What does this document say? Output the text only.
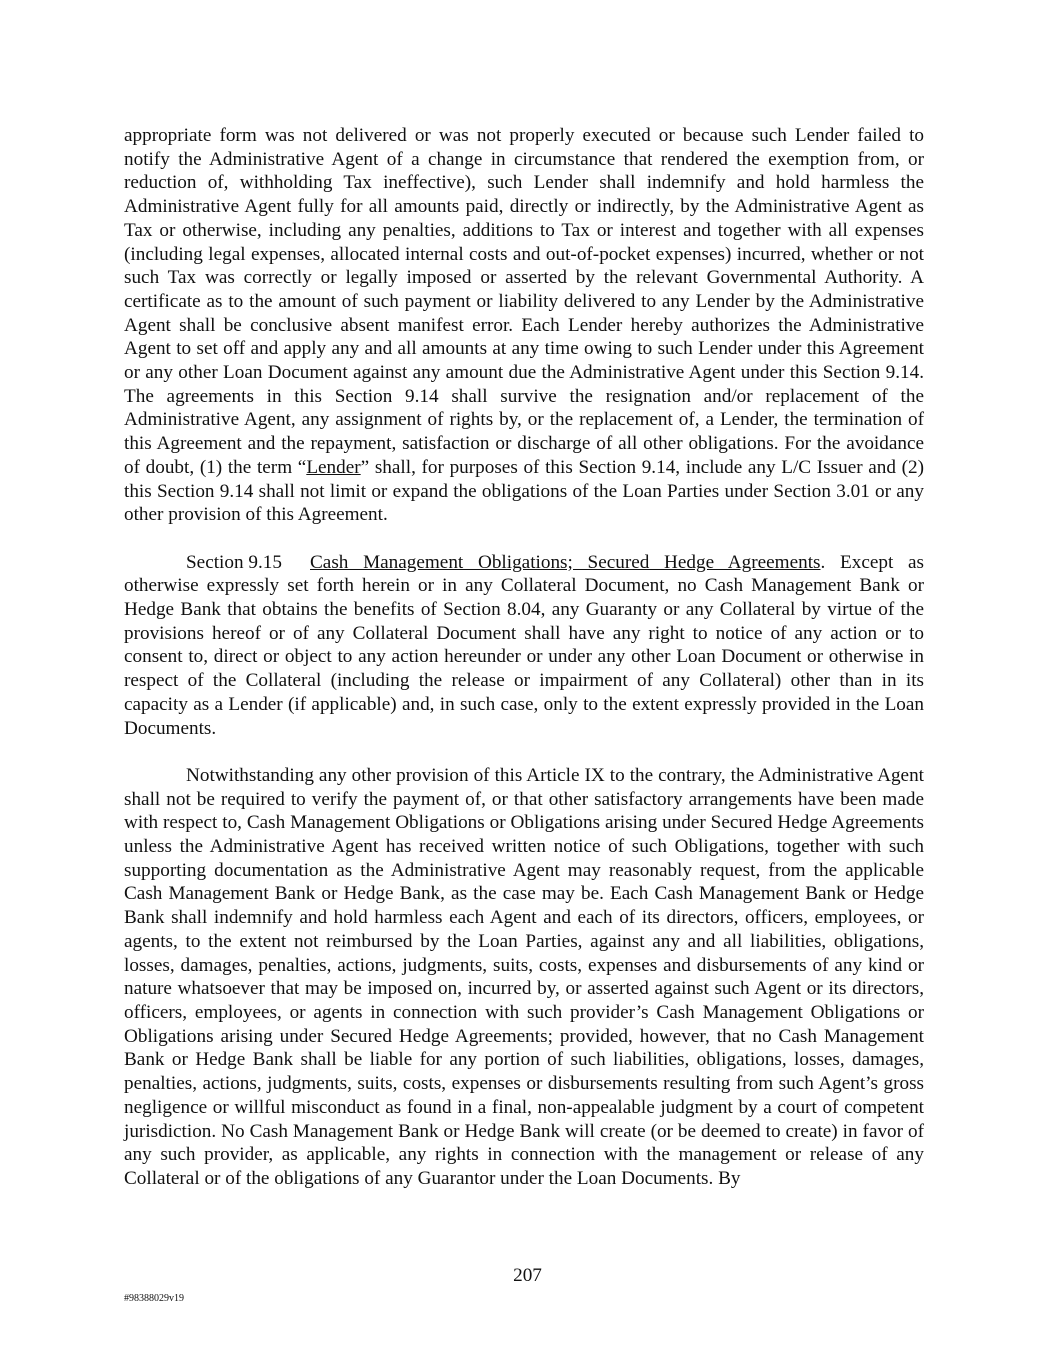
appropriate form was not delivered or was not properly executed or because such Lender failed to notify the Administrative Agent of a change in circumstance that rendered the exemption from, or reduction of, withholding Tax ineffective), such Lender shall indemnify and hold harmless the Administrative Agent fully for all amounts paid, directly or indirectly, by the Administrative Agent as Tax or otherwise, including any penalties, additions to Tax or interest and together with all expenses (including legal expenses, allocated internal costs and out-of-pocket expenses) incurred, whether or not such Tax was correctly or legally imposed or asserted by the relevant Governmental Authority. A certificate as to the amount of such payment or liability delivered to any Lender by the Administrative Agent shall be conclusive absent manifest error. Each Lender hereby authorizes the Administrative Agent to set off and apply any and all amounts at any time owing to such Lender under this Agreement or any other Loan Document against any amount due the Administrative Agent under this Section 9.14. The agreements in this Section 9.14 shall survive the resignation and/or replacement of the Administrative Agent, any assignment of rights by, or the replacement of, a Lender, the termination of this Agreement and the repayment, satisfaction or discharge of all other obligations. For the avoidance of doubt, (1) the term “Lender” shall, for purposes of this Section 9.14, include any L/C Issuer and (2) this Section 9.14 shall not limit or expand the obligations of the Loan Parties under Section 3.01 or any other provision of this Agreement.

Section 9.15 Cash Management Obligations; Secured Hedge Agreements. Except as otherwise expressly set forth herein or in any Collateral Document, no Cash Management Bank or Hedge Bank that obtains the benefits of Section 8.04, any Guaranty or any Collateral by virtue of the provisions hereof or of any Collateral Document shall have any right to notice of any action or to consent to, direct or object to any action hereunder or under any other Loan Document or otherwise in respect of the Collateral (including the release or impairment of any Collateral) other than in its capacity as a Lender (if applicable) and, in such case, only to the extent expressly provided in the Loan Documents.

Notwithstanding any other provision of this Article IX to the contrary, the Administrative Agent shall not be required to verify the payment of, or that other satisfactory arrangements have been made with respect to, Cash Management Obligations or Obligations arising under Secured Hedge Agreements unless the Administrative Agent has received written notice of such Obligations, together with such supporting documentation as the Administrative Agent may reasonably request, from the applicable Cash Management Bank or Hedge Bank, as the case may be. Each Cash Management Bank or Hedge Bank shall indemnify and hold harmless each Agent and each of its directors, officers, employees, or agents, to the extent not reimbursed by the Loan Parties, against any and all liabilities, obligations, losses, damages, penalties, actions, judgments, suits, costs, expenses and disbursements of any kind or nature whatsoever that may be imposed on, incurred by, or asserted against such Agent or its directors, officers, employees, or agents in connection with such provider’s Cash Management Obligations or Obligations arising under Secured Hedge Agreements; provided, however, that no Cash Management Bank or Hedge Bank shall be liable for any portion of such liabilities, obligations, losses, damages, penalties, actions, judgments, suits, costs, expenses or disbursements resulting from such Agent’s gross negligence or willful misconduct as found in a final, non-appealable judgment by a court of competent jurisdiction. No Cash Management Bank or Hedge Bank will create (or be deemed to create) in favor of any such provider, as applicable, any rights in connection with the management or release of any Collateral or of the obligations of any Guarantor under the Loan Documents. By

207
#98388029v19
